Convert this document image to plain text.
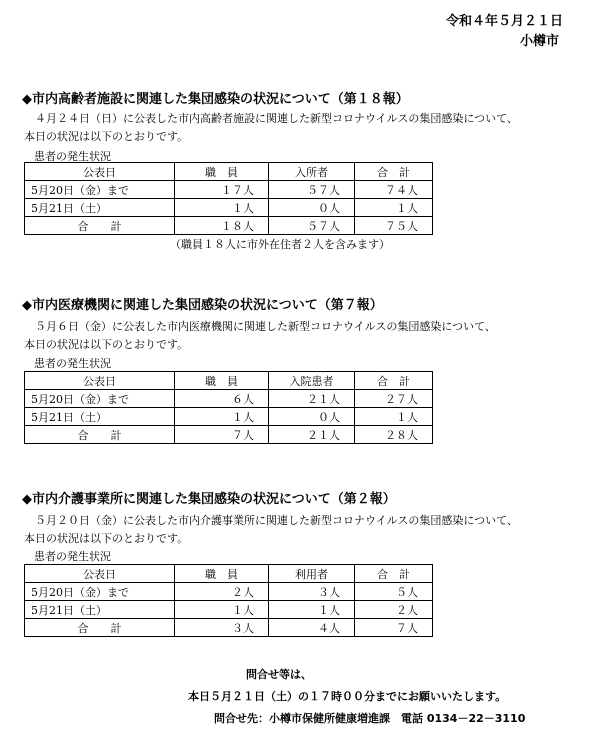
令和４年５月２１日
小樽市
◆市内高齢者施設に関連した集団感染の状況について（第１８報）

４月２４日（日）に公表した市内高齢者施設に関連した新型コロナウイルスの集団感染について、

本日の状況は以下のとおりです。

患者の発生状況
公表日	職　員	入所者	合　計
5月20日（金）まで	１７人	５７人	７４人
5月21日（土）	１人	０人	１人
合　　計	１８人	５７人	７５人
（職員１８人に市外在住者２人を含みます）
◆市内医療機関に関連した集団感染の状況について（第７報）

５月６日（金）に公表した市内医療機関に関連した新型コロナウイルスの集団感染について、

本日の状況は以下のとおりです。

患者の発生状況
公表日	職　員	入院患者	合　計
5月20日（金）まで	６人	２１人	２７人
5月21日（土）	１人	０人	１人
合　　計	７人	２１人	２８人
◆市内介護事業所に関連した集団感染の状況について（第２報）

５月２０日（金）に公表した市内介護事業所に関連した新型コロナウイルスの集団感染について、

本日の状況は以下のとおりです。

患者の発生状況
公表日	職　員	利用者	合　計
5月20日（金）まで	２人	３人	５人
5月21日（土）	１人	１人	２人
合　　計	３人	４人	７人
問合せ等は、
本日５月２１日（土）の１７時００分までにお願いいたします。
問合せ先：小樽市保健所健康増進課　電話 0134－22－3110
